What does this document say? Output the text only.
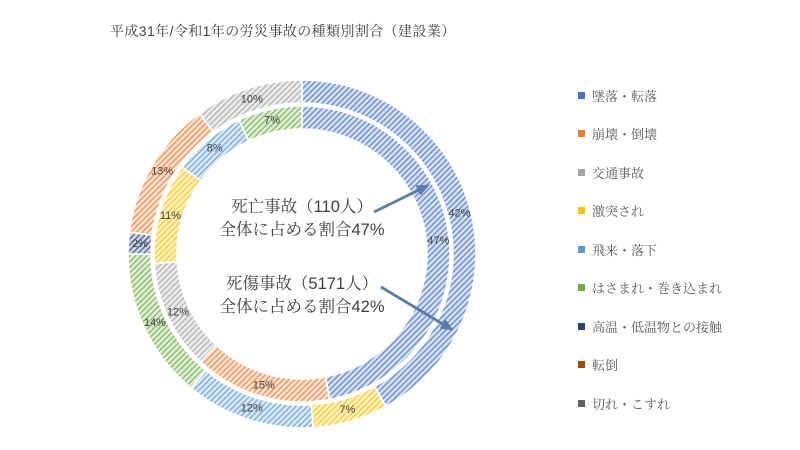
47%
15%
12%
11%
8%
7%
42%
7%
12%
14%
2%
13%
10%
平成31年/令和1年の労災事故の種類別割合（建設業）
死亡事故（110人）
全体に占める割合47%
死傷事故（5171人）
全体に占める割合42%
墜落・転落
崩壊・倒壊
交通事故
激突され
飛来・落下
はさまれ・巻き込まれ
高温・低温物との接触
転倒
切れ・こすれ
